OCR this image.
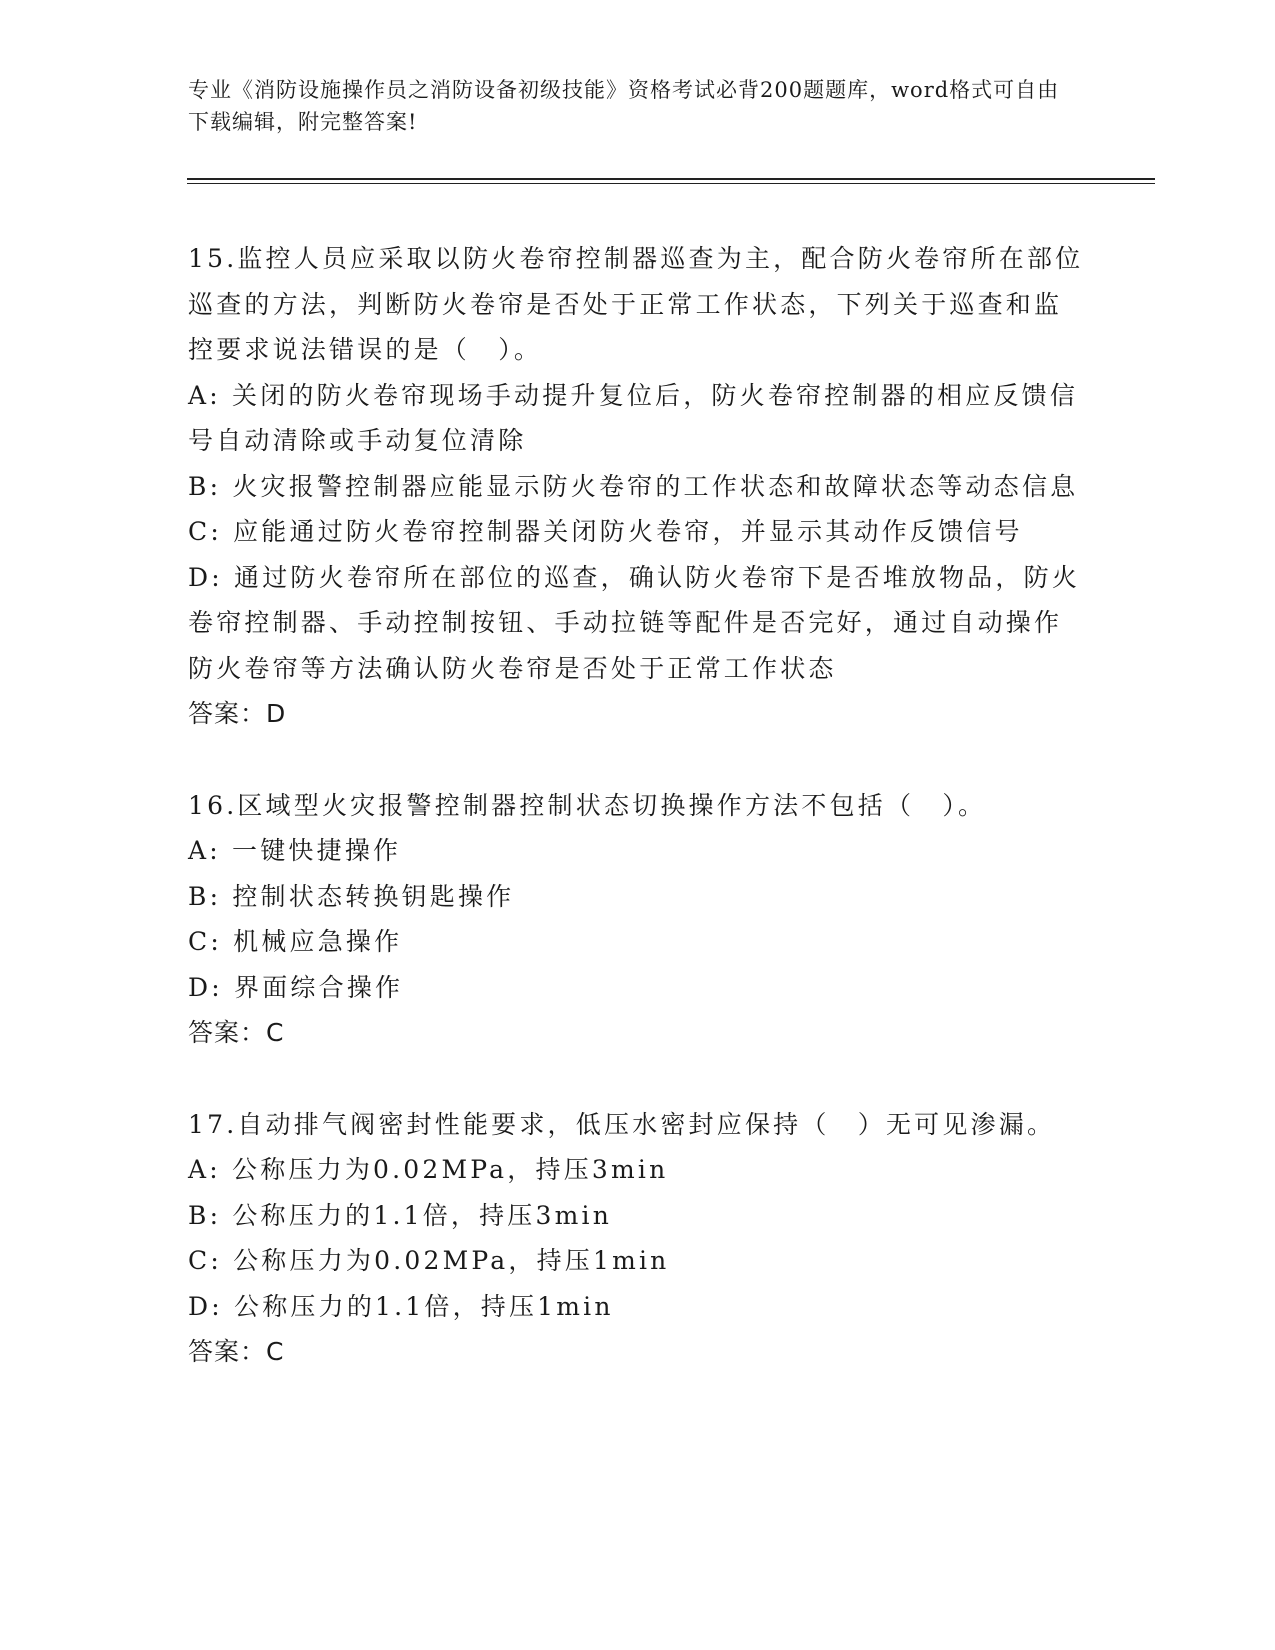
专业《消防设施操作员之消防设备初级技能》资格考试必背200题题库，word格式可自由下载编辑，附完整答案!
15.监控人员应采取以防火卷帘控制器巡查为主，配合防火卷帘所在部位巡查的方法，判断防火卷帘是否处于正常工作状态，下列关于巡查和监控要求说法错误的是（　）。
A: 关闭的防火卷帘现场手动提升复位后，防火卷帘控制器的相应反馈信号自动清除或手动复位清除
B: 火灾报警控制器应能显示防火卷帘的工作状态和故障状态等动态信息
C: 应能通过防火卷帘控制器关闭防火卷帘，并显示其动作反馈信号
D: 通过防火卷帘所在部位的巡查，确认防火卷帘下是否堆放物品，防火卷帘控制器、手动控制按钮、手动拉链等配件是否完好，通过自动操作防火卷帘等方法确认防火卷帘是否处于正常工作状态
答案：D
16.区域型火灾报警控制器控制状态切换操作方法不包括（　）。
A: 一键快捷操作
B: 控制状态转换钥匙操作
C: 机械应急操作
D: 界面综合操作
答案：C
17.自动排气阀密封性能要求，低压水密封应保持（　）无可见渗漏。
A: 公称压力为0.02MPa，持压3min
B: 公称压力的1.1倍，持压3min
C: 公称压力为0.02MPa，持压1min
D: 公称压力的1.1倍，持压1min
答案：C
